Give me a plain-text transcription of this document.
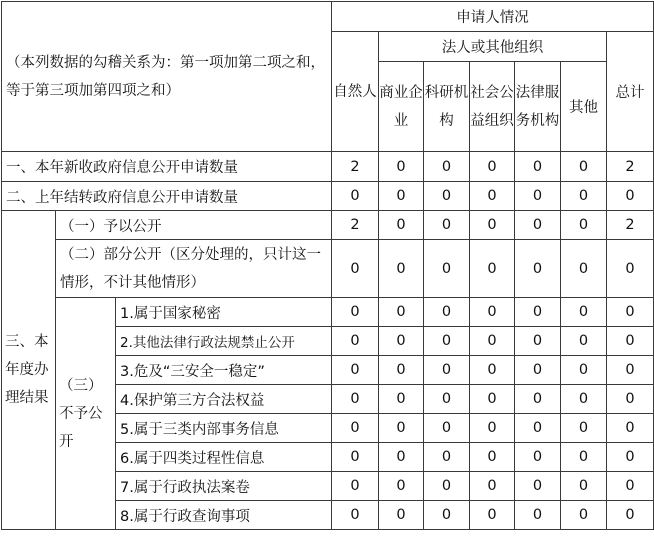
（本列数据的勾稽关系为：第一项加第二项之和，等于第三项加第四项之和）			申请人情况						
			自然人	法人或其他组织					总计
				商业企业	科研机构	社会公益组织	法律服务机构	其他	

一、本年新收政府信息公开申请数量			2	0	0	0	0	0	2
二、上年结转政府信息公开申请数量			0	0	0	0	0	0	0
三、本年度办理结果	（一）予以公开		2	0	0	0	0	0	2
	（二）部分公开（区分处理的，只计这一情形，不计其他情形）		0	0	0	0	0	0	0
	（三）不予公开	1.属于国家秘密	0	0	0	0	0	0	0
		2.其他法律行政法规禁止公开	0	0	0	0	0	0	0
		3.危及“三安全一稳定”	0	0	0	0	0	0	0
		4.保护第三方合法权益	0	0	0	0	0	0	0
		5.属于三类内部事务信息	0	0	0	0	0	0	0
		6.属于四类过程性信息	0	0	0	0	0	0	0
		7.属于行政执法案卷	0	0	0	0	0	0	0
		8.属于行政查询事项	0	0	0	0	0	0	0
